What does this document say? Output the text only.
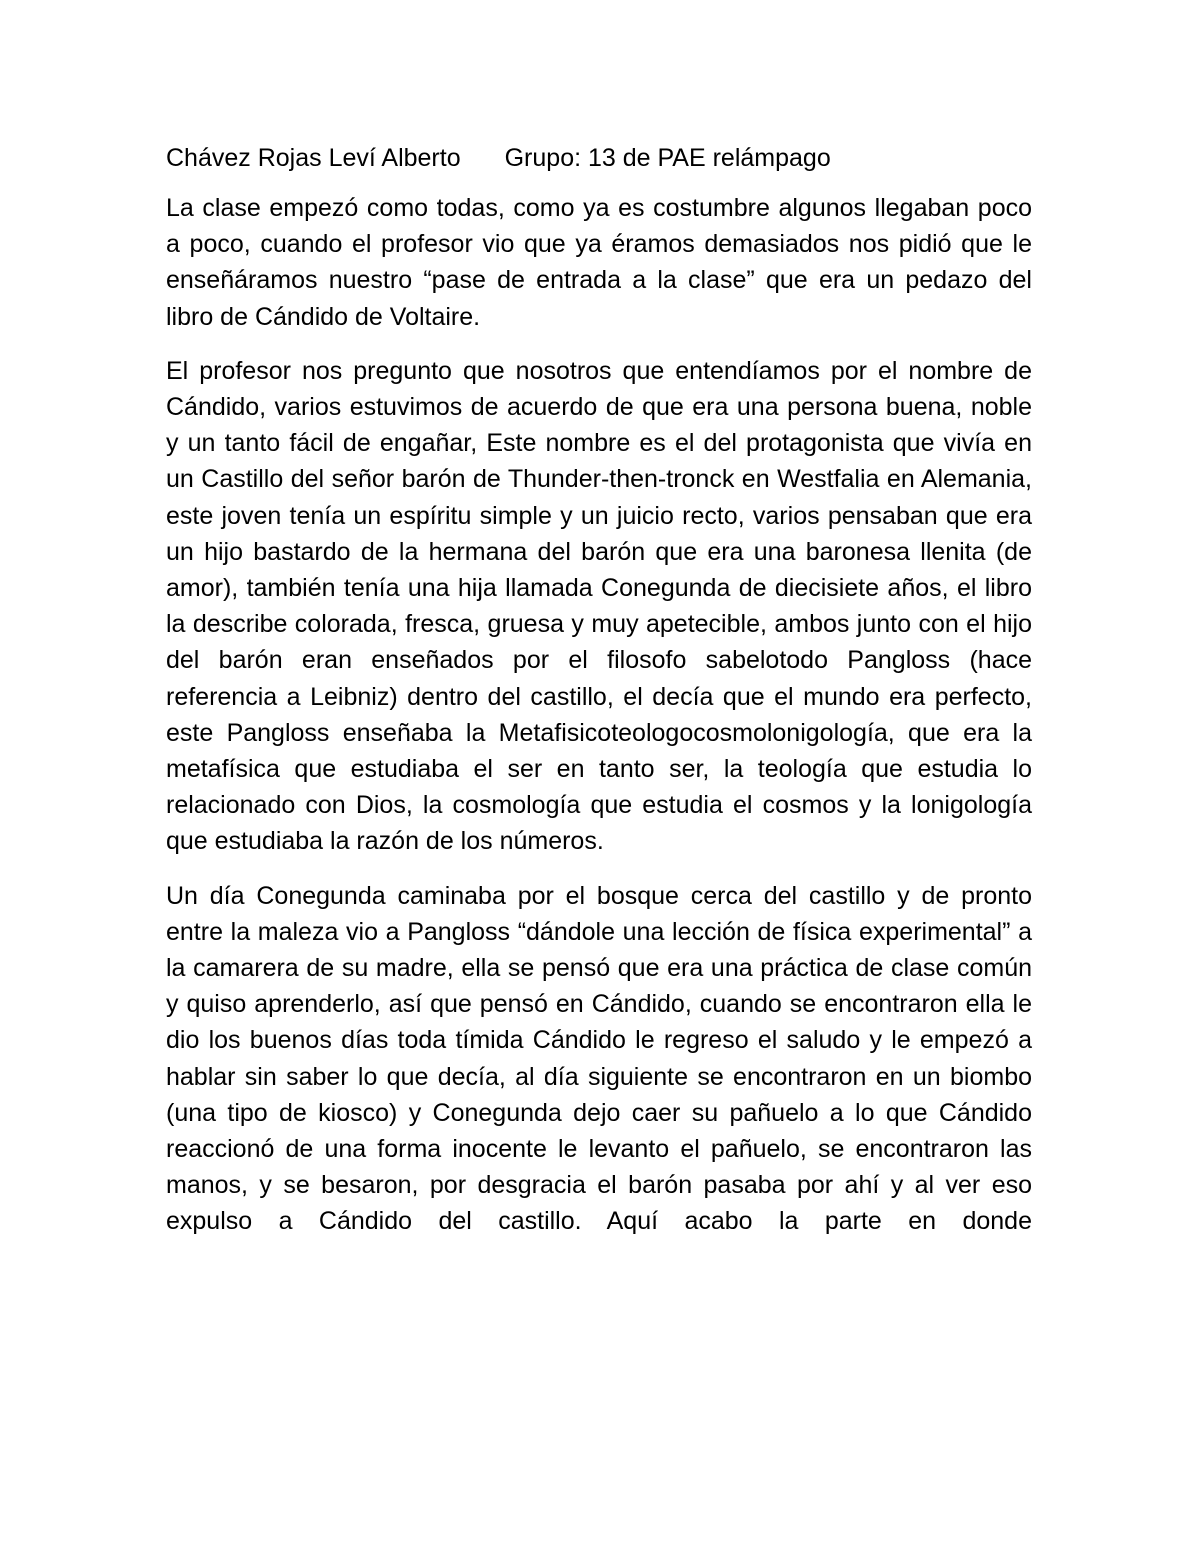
Chávez Rojas Leví Alberto Grupo: 13 de PAE relámpago

La clase empezó como todas, como ya es costumbre algunos llegaban poco a poco, cuando el profesor vio que ya éramos demasiados nos pidió que le enseñáramos nuestro “pase de entrada a la clase” que era un pedazo del libro de Cándido de Voltaire.

El profesor nos pregunto que nosotros que entendíamos por el nombre de Cándido, varios estuvimos de acuerdo de que era una persona buena, noble y un tanto fácil de engañar, Este nombre es el del protagonista que vivía en un Castillo del señor barón de Thunder-then-tronck en Westfalia en Alemania, este joven tenía un espíritu simple y un juicio recto, varios pensaban que era un hijo bastardo de la hermana del barón que era una baronesa llenita (de amor), también tenía una hija llamada Conegunda de diecisiete años, el libro la describe colorada, fresca, gruesa y muy apetecible, ambos junto con el hijo del barón eran enseñados por el filosofo sabelotodo Pangloss (hace referencia a Leibniz) dentro del castillo, el decía que el mundo era perfecto, este Pangloss enseñaba la Metafisicoteologocosmolonigología, que era la metafísica que estudiaba el ser en tanto ser, la teología que estudia lo relacionado con Dios, la cosmología que estudia el cosmos y la lonigología que estudiaba la razón de los números.

Un día Conegunda caminaba por el bosque cerca del castillo y de pronto entre la maleza vio a Pangloss “dándole una lección de física experimental” a la camarera de su madre, ella se pensó que era una práctica de clase común y quiso aprenderlo, así que pensó en Cándido, cuando se encontraron ella le dio los buenos días toda tímida Cándido le regreso el saludo y le empezó a hablar sin saber lo que decía, al día siguiente se encontraron en un biombo (una tipo de kiosco) y Conegunda dejo caer su pañuelo a lo que Cándido reaccionó de una forma inocente le levanto el pañuelo, se encontraron las manos, y se besaron, por desgracia el barón pasaba por ahí y al ver eso expulso a Cándido del castillo. Aquí acabo la parte en donde
